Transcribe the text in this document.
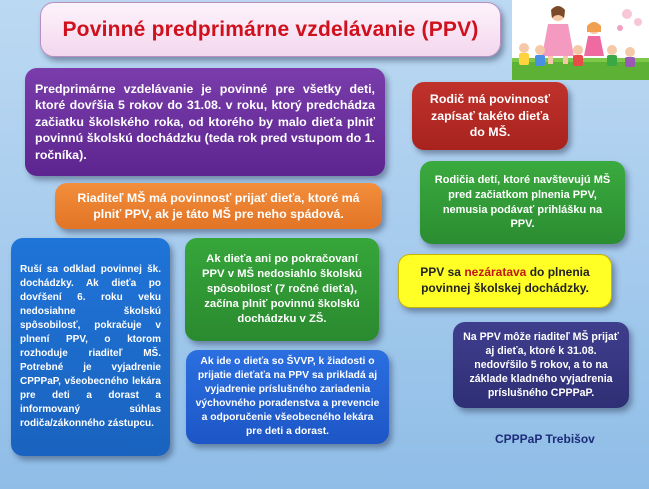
Povinné predprimárne vzdelávanie (PPV)
Predprimárne vzdelávanie je povinné pre všetky deti, ktoré dovŕšia 5 rokov do 31.08. v roku, ktorý predchádza začiatku školského roka, od ktorého by malo dieťa plniť povinnú školskú dochádzku (teda rok pred vstupom do 1. ročníka).
Rodič má povinnosť zapísať takéto dieťa do MŠ.
Riaditeľ MŠ má povinnosť prijať dieťa, ktoré má plniť PPV, ak je táto MŠ pre neho spádová.
Rodičia detí, ktoré navštevujú MŠ pred začiatkom plnenia PPV, nemusia podávať prihlášku na PPV.
Ruší sa odklad povinnej šk. dochádzky. Ak dieťa po dovŕšení 6. roku veku nedosiahne školskú spôsobilosť, pokračuje v plnení PPV, o ktorom rozhoduje riaditeľ MŠ. Potrebné je vyjadrenie CPPPaP, všeobecného lekára pre deti a dorast a informovaný súhlas rodiča/zákonného zástupcu.
Ak dieťa ani po pokračovaní PPV v MŠ nedosiahlo školskú spôsobilosť (7 ročné dieťa), začína plniť povinnú školskú dochádzku v ZŠ.
PPV sa nezáratava do plnenia povinnej školskej dochádzky.
Ak ide o dieťa so ŠVVP, k žiadosti o prijatie dieťaťa na PPV sa prikladá aj vyjadrenie príslušného zariadenia výchovného poradenstva a prevencie a odporučenie všeobecného lekára pre deti a dorast.
Na PPV môže riaditeľ MŠ prijať aj dieťa, ktoré k 31.08. nedovŕšilo 5 rokov, a to na základe kladného vyjadrenia príslušného CPPPaP.
CPPPaP Trebišov
